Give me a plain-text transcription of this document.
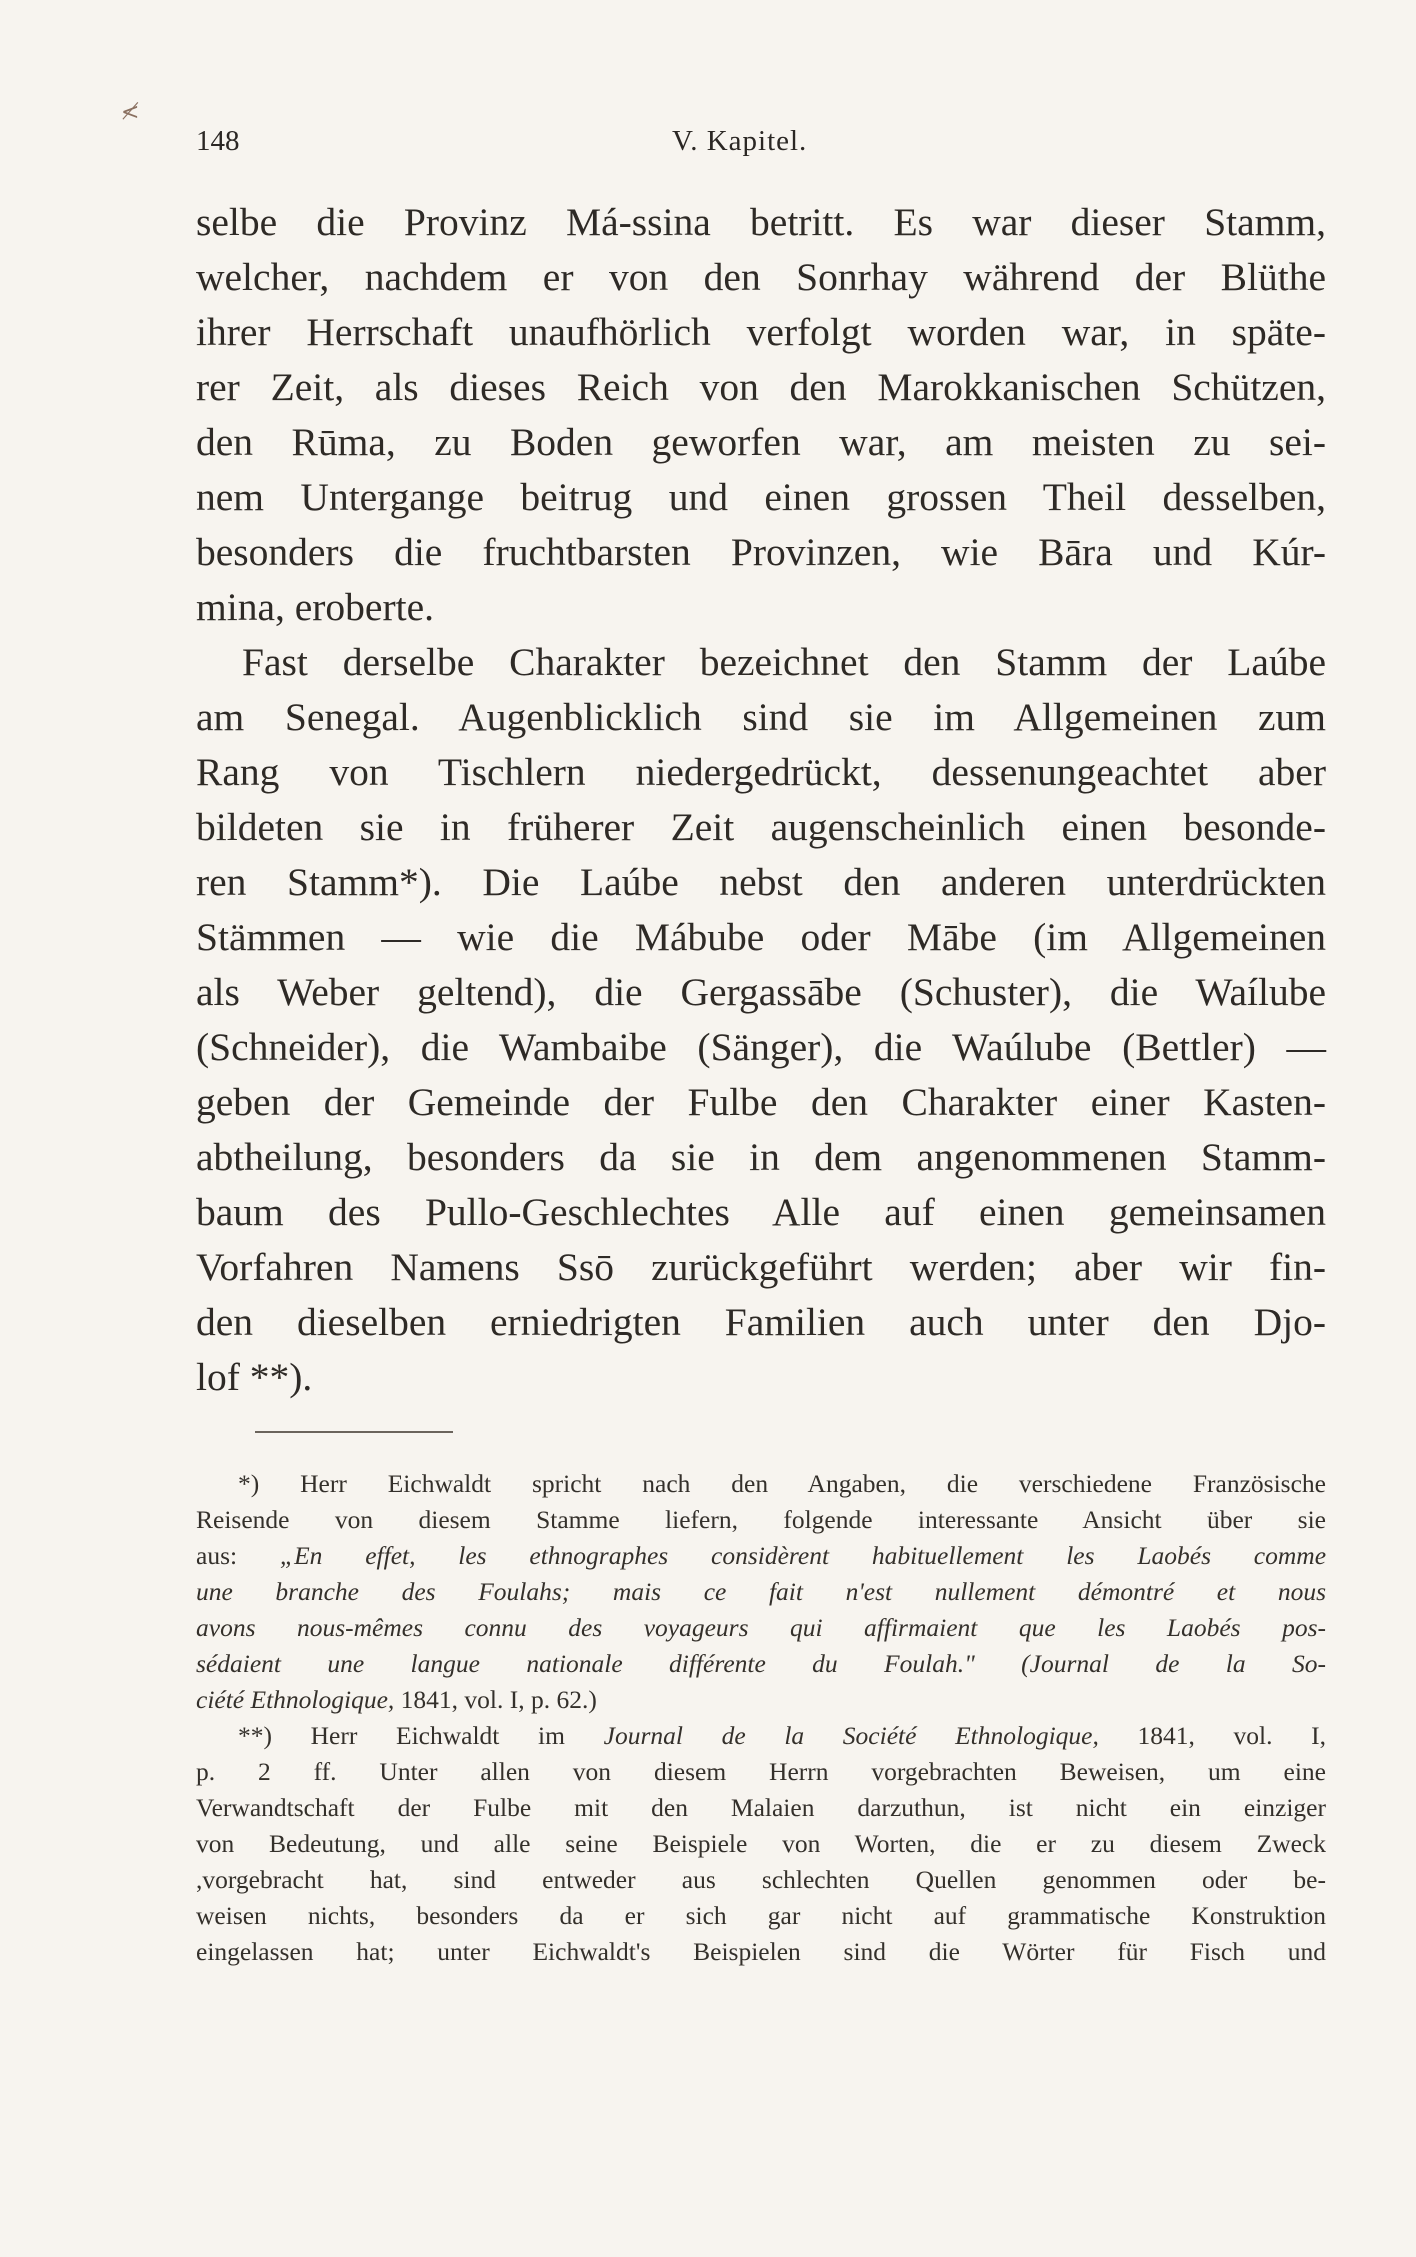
≮
148	V. Kapitel.
selbe die Provinz Má-ssina betritt. Es war dieser Stamm,
welcher, nachdem er von den Sonrhay während der Blüthe
ihrer Herrschaft unaufhörlich verfolgt worden war, in späte-
rer Zeit, als dieses Reich von den Marokkanischen Schützen,
den Rūma, zu Boden geworfen war, am meisten zu sei-
nem Untergange beitrug und einen grossen Theil desselben,
besonders die fruchtbarsten Provinzen, wie Bāra und Kúr-
mina, eroberte.
Fast derselbe Charakter bezeichnet den Stamm der Laúbe
am Senegal. Augenblicklich sind sie im Allgemeinen zum
Rang von Tischlern niedergedrückt, dessenungeachtet aber
bildeten sie in früherer Zeit augenscheinlich einen besonde-
ren Stamm*). Die Laúbe nebst den anderen unterdrückten
Stämmen — wie die Mábube oder Mābe (im Allgemeinen
als Weber geltend), die Gergassābe (Schuster), die Waílube
(Schneider), die Wambaibe (Sänger), die Waúlube (Bettler) —
geben der Gemeinde der Fulbe den Charakter einer Kasten-
abtheilung, besonders da sie in dem angenommenen Stamm-
baum des Pullo-Geschlechtes Alle auf einen gemeinsamen
Vorfahren Namens Ssō zurückgeführt werden; aber wir fin-
den dieselben erniedrigten Familien auch unter den Djo-
lof **).
*) Herr Eichwaldt spricht nach den Angaben, die verschiedene Französische
Reisende von diesem Stamme liefern, folgende interessante Ansicht über sie
aus: „En effet, les ethnographes considèrent habituellement les Laobés comme
une branche des Foulahs; mais ce fait n'est nullement démontré et nous
avons nous-mêmes connu des voyageurs qui affirmaient que les Laobés pos-
sédaient une langue nationale différente du Foulah." (Journal de la So-
ciété Ethnologique, 1841, vol. I, p. 62.)
**) Herr Eichwaldt im Journal de la Société Ethnologique, 1841, vol. I,
p. 2 ff. Unter allen von diesem Herrn vorgebrachten Beweisen, um eine
Verwandtschaft der Fulbe mit den Malaien darzuthun, ist nicht ein einziger
von Bedeutung, und alle seine Beispiele von Worten, die er zu diesem Zweck
,vorgebracht hat, sind entweder aus schlechten Quellen genommen oder be-
weisen nichts, besonders da er sich gar nicht auf grammatische Konstruktion
eingelassen hat; unter Eichwaldt's Beispielen sind die Wörter für Fisch und
